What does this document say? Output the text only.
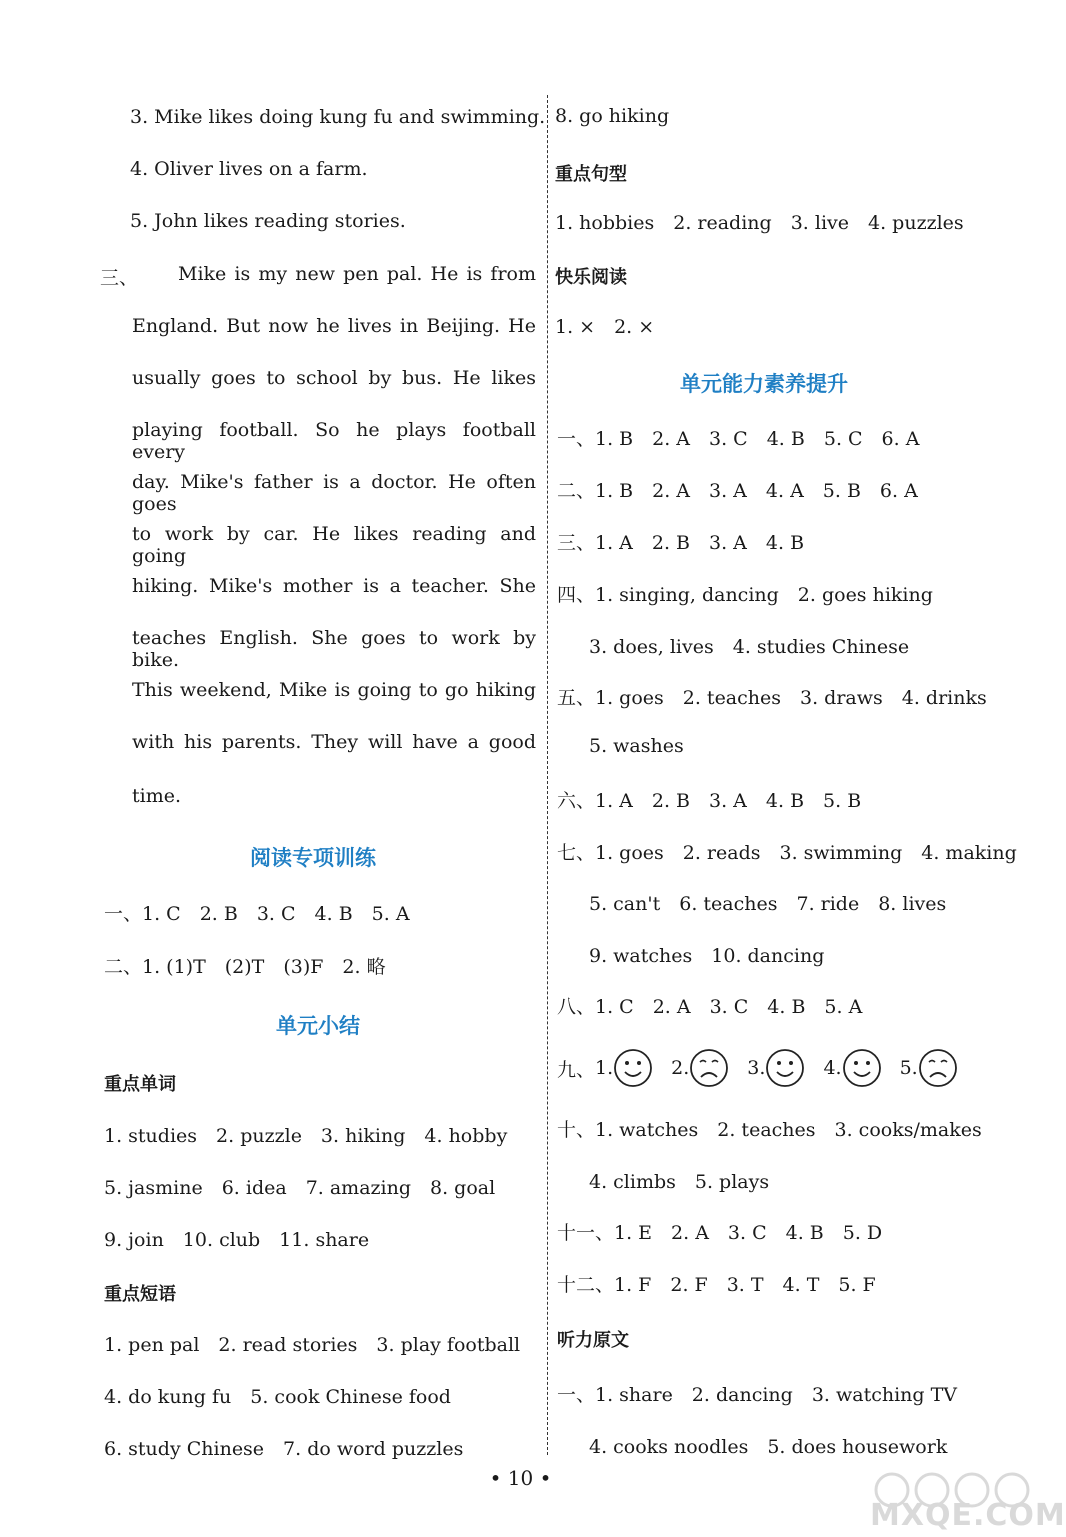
3. Mike likes doing kung fu and swimming.
4. Oliver lives on a farm.
5. John likes reading stories.
三、 Mike is my new pen pal. He is from
England. But now he lives in Beijing. He
usually goes to school by bus. He likes
playing football. So he plays football every
day. Mike's father is a doctor. He often goes
to work by car. He likes reading and going
hiking. Mike's mother is a teacher. She
teaches English. She goes to work by bike.
This weekend, Mike is going to go hiking
with his parents. They will have a good
time.
阅读专项训练
一、1. C　2. B　3. C　4. B　5. A
二、1. (1)T　(2)T　(3)F　2. 略
单元小结
重点单词
1. studies　2. puzzle　3. hiking　4. hobby
5. jasmine　6. idea　7. amazing　8. goal
9. join　10. club　11. share
重点短语
1. pen pal　2. read stories　3. play football
4. do kung fu　5. cook Chinese food
6. study Chinese　7. do word puzzles
8. go hiking
重点句型
1. hobbies　2. reading　3. live　4. puzzles
快乐阅读
1. ×　2. ×
单元能力素养提升
一、1. B　2. A　3. C　4. B　5. C　6. A
二、1. B　2. A　3. A　4. A　5. B　6. A
三、1. A　2. B　3. A　4. B
四、1. singing, dancing　2. goes hiking
3. does, lives　4. studies Chinese
五、1. goes　2. teaches　3. draws　4. drinks
5. washes
六、1. A　2. B　3. A　4. B　5. B
七、1. goes　2. reads　3. swimming　4. making
5. can't　6. teaches　7. ride　8. lives
9. watches　10. dancing
八、1. C　2. A　3. C　4. B　5. A
九、 1.	2.	3.	4.	5.
十、1. watches　2. teaches　3. cooks/makes
4. climbs　5. plays
十一、1. E　2. A　3. C　4. B　5. D
十二、1. F　2. F　3. T　4. T　5. F
听力原文
一、1. share　2. dancing　3. watching TV
4. cooks noodles　5. does housework
• 10 •
MXQE.COM
